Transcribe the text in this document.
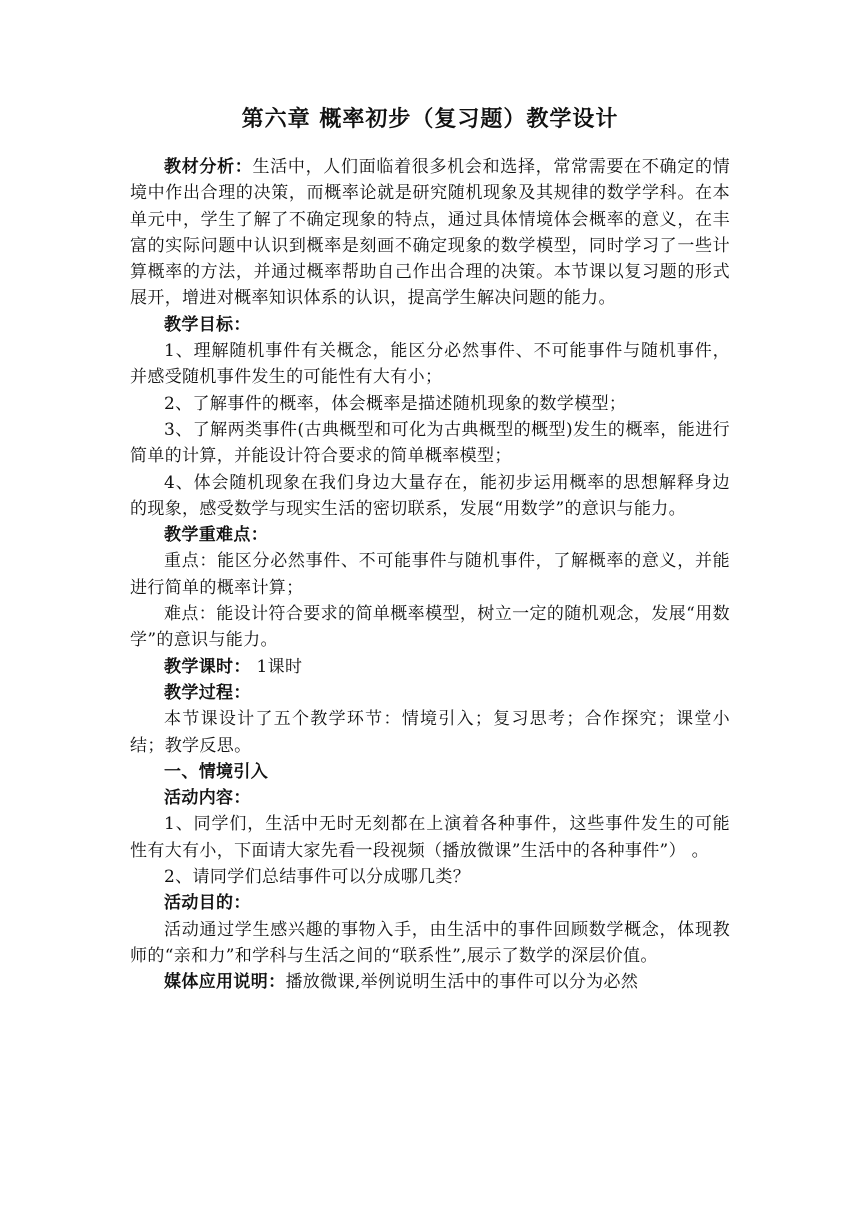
第六章 概率初步（复习题）教学设计

教材分析：生活中，人们面临着很多机会和选择，常常需要在不确定的情境中作出合理的决策，而概率论就是研究随机现象及其规律的数学学科。在本单元中，学生了解了不确定现象的特点，通过具体情境体会概率的意义，在丰富的实际问题中认识到概率是刻画不确定现象的数学模型，同时学习了一些计算概率的方法，并通过概率帮助自己作出合理的决策。本节课以复习题的形式展开，增进对概率知识体系的认识，提高学生解决问题的能力。

教学目标：

1、理解随机事件有关概念，能区分必然事件、不可能事件与随机事件，并感受随机事件发生的可能性有大有小；

2、了解事件的概率，体会概率是描述随机现象的数学模型；

3、了解两类事件(古典概型和可化为古典概型的概型)发生的概率，能进行简单的计算，并能设计符合要求的简单概率模型；

4、体会随机现象在我们身边大量存在，能初步运用概率的思想解释身边的现象，感受数学与现实生活的密切联系，发展“用数学”的意识与能力。

教学重难点：

重点：能区分必然事件、不可能事件与随机事件，了解概率的意义，并能进行简单的概率计算；

难点：能设计符合要求的简单概率模型，树立一定的随机观念，发展“用数学”的意识与能力。

教学课时： 1课时

教学过程：

本节课设计了五个教学环节：情境引入；复习思考；合作探究；课堂小结；教学反思。

一、情境引入

活动内容：

1、同学们，生活中无时无刻都在上演着各种事件，这些事件发生的可能性有大有小，下面请大家先看一段视频（播放微课”生活中的各种事件”） 。

2、请同学们总结事件可以分成哪几类？

活动目的：

活动通过学生感兴趣的事物入手，由生活中的事件回顾数学概念，体现教师的“亲和力”和学科与生活之间的“联系性”,展示了数学的深层价值。

媒体应用说明：播放微课,举例说明生活中的事件可以分为必然
